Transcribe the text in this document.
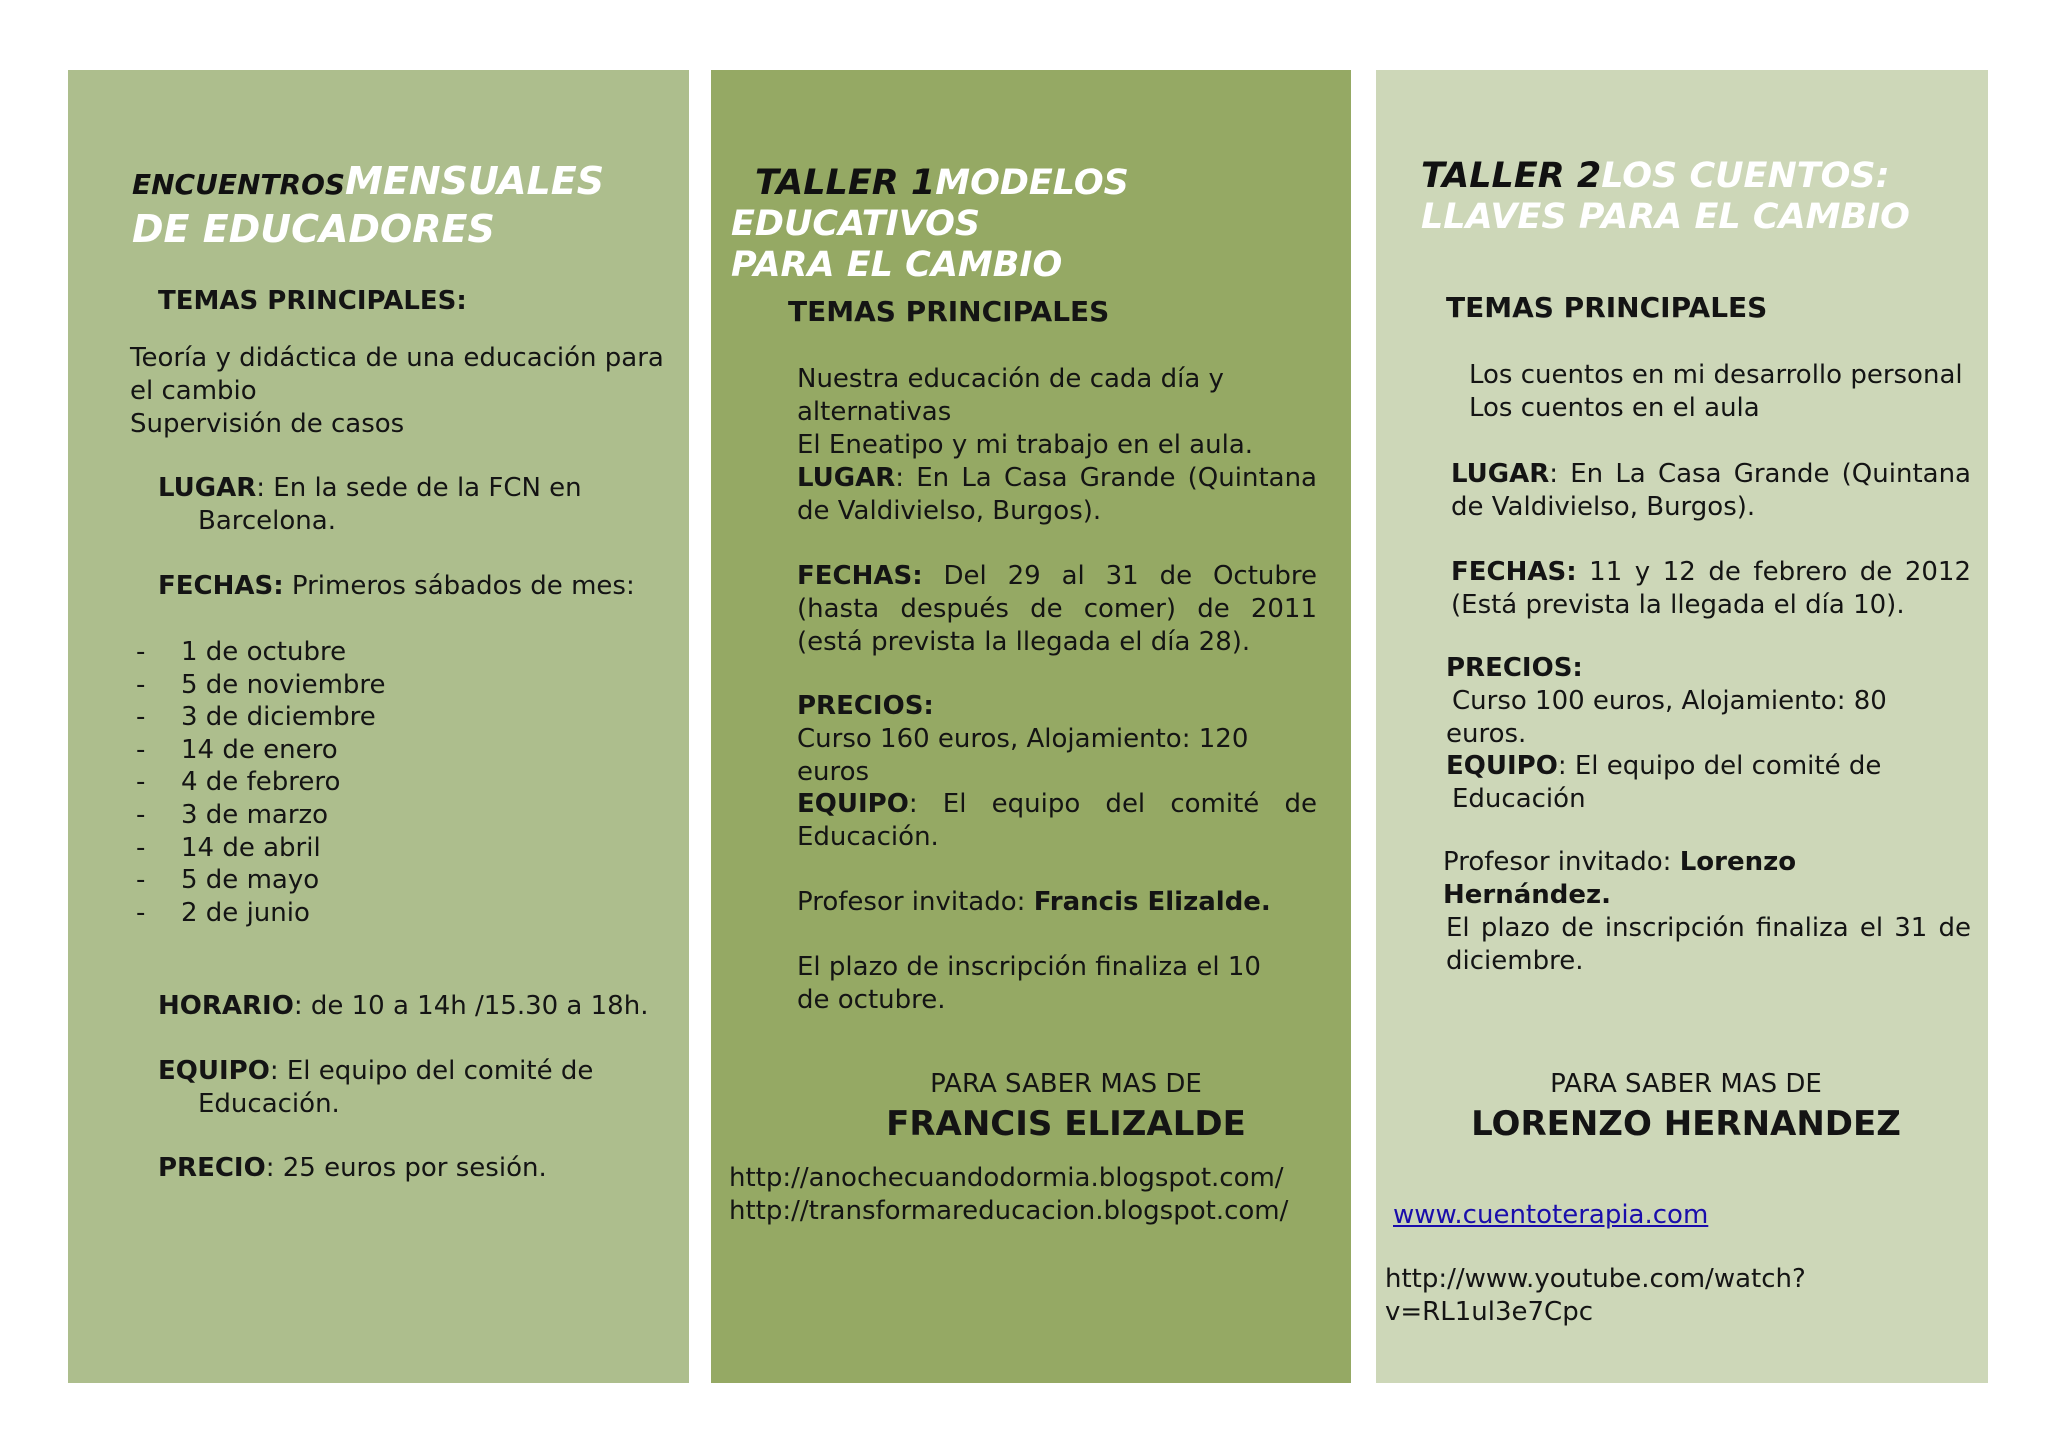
ENCUENTROSMENSUALES
DE EDUCADORES
TEMAS PRINCIPALES:
Teoría y didáctica de una educación para el cambio
Supervisión de casos
LUGAR: En la sede de la FCN en
Barcelona.
FECHAS: Primeros sábados de mes:
- 1 de octubre
- 5 de noviembre
- 3 de diciembre
- 14 de enero
- 4 de febrero
- 3 de marzo
- 14 de abril
- 5 de mayo
- 2 de junio
HORARIO: de 10 a 14h /15.30 a 18h.
EQUIPO: El equipo del comité de
Educación.
PRECIO: 25 euros por sesión.
TALLER 1MODELOS EDUCATIVOS
PARA EL CAMBIO
TEMAS PRINCIPALES
Nuestra educación de cada día y alternativas
El Eneatipo y mi trabajo en el aula.
LUGAR: En La Casa Grande (Quintana de Valdivielso, Burgos).
FECHAS: Del 29 al 31 de Octubre (hasta después de comer) de 2011 (está prevista la llegada el día 28).
PRECIOS:
Curso 160 euros, Alojamiento: 120 euros
EQUIPO: El equipo del comité de Educación.
Profesor invitado: Francis Elizalde.
El plazo de inscripción finaliza el 10
de octubre.
PARA SABER MAS DE
FRANCIS ELIZALDE
http://anochecuandodormia.blogspot.com/
http://transformareducacion.blogspot.com/
TALLER 2LOS CUENTOS:
LLAVES PARA EL CAMBIO
TEMAS PRINCIPALES
Los cuentos en mi desarrollo personal
Los cuentos en el aula
LUGAR: En La Casa Grande (Quintana de Valdivielso, Burgos).
FECHAS: 11 y 12 de febrero de 2012 (Está prevista la llegada el día 10).
PRECIOS:
Curso 100 euros, Alojamiento: 80 euros.
EQUIPO: El equipo del comité de
Educación
Profesor invitado: Lorenzo Hernández.
El plazo de inscripción finaliza el 31 de diciembre.
PARA SABER MAS DE
LORENZO HERNANDEZ
www.cuentoterapia.com
http://www.youtube.com/watch?v=RL1ul3e7Cpc
